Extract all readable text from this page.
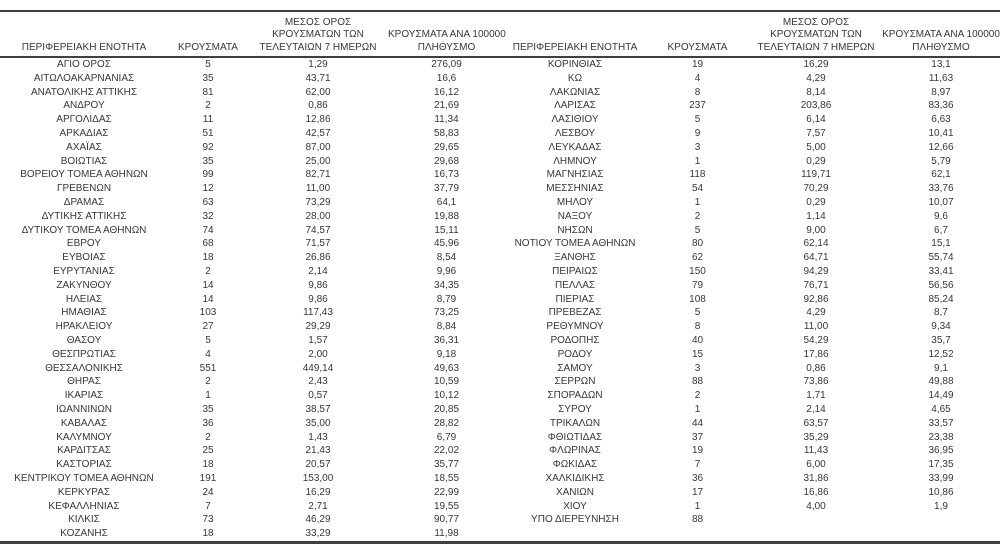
ΠΕΡΙΦΕΡΕΙΑΚΗ ΕΝΟΤΗΤΑ	ΚΡΟΥΣΜΑΤΑ

ΜΕΣΟΣ ΟΡΟΣ
ΚΡΟΥΣΜΑΤΩΝ ΤΩΝ
ΤΕΛΕΥΤΑΙΩΝ 7 ΗΜΕΡΩΝ

ΚΡΟΥΣΜΑΤΑ ΑΝΑ 100000
ΠΛΗΘΥΣΜΟ

ΑΓΙΟ ΟΡΟΣ	5	1,29	276,09
ΑΙΤΩΛΟΑΚΑΡΝΑΝΙΑΣ	35	43,71	16,6
ΑΝΑΤΟΛΙΚΗΣ ΑΤΤΙΚΗΣ	81	62,00	16,12
ΑΝΔΡΟΥ	2	0,86	21,69
ΑΡΓΟΛΙΔΑΣ	11	12,86	11,34
ΑΡΚΑΔΙΑΣ	51	42,57	58,83
ΑΧΑΪΑΣ	92	87,00	29,65
ΒΟΙΩΤΙΑΣ	35	25,00	29,68
ΒΟΡΕΙΟΥ ΤΟΜΕΑ ΑΘΗΝΩΝ	99	82,71	16,73
ΓΡΕΒΕΝΩΝ	12	11,00	37,79
ΔΡΑΜΑΣ	63	73,29	64,1
ΔΥΤΙΚΗΣ ΑΤΤΙΚΗΣ	32	28,00	19,88
ΔΥΤΙΚΟΥ ΤΟΜΕΑ ΑΘΗΝΩΝ	74	74,57	15,11
ΕΒΡΟΥ	68	71,57	45,96
ΕΥΒΟΙΑΣ	18	26,86	8,54
ΕΥΡΥΤΑΝΙΑΣ	2	2,14	9,96
ΖΑΚΥΝΘΟΥ	14	9,86	34,35
ΗΛΕΙΑΣ	14	9,86	8,79
ΗΜΑΘΙΑΣ	103	117,43	73,25
ΗΡΑΚΛΕΙΟΥ	27	29,29	8,84
ΘΑΣΟΥ	5	1,57	36,31
ΘΕΣΠΡΩΤΙΑΣ	4	2,00	9,18
ΘΕΣΣΑΛΟΝΙΚΗΣ	551	449,14	49,63
ΘΗΡΑΣ	2	2,43	10,59
ΙΚΑΡΙΑΣ	1	0,57	10,12
ΙΩΑΝΝΙΝΩΝ	35	38,57	20,85
ΚΑΒΑΛΑΣ	36	35,00	28,82
ΚΑΛΥΜΝΟΥ	2	1,43	6,79
ΚΑΡΔΙΤΣΑΣ	25	21,43	22,02
ΚΑΣΤΟΡΙΑΣ	18	20,57	35,77
ΚΕΝΤΡΙΚΟΥ ΤΟΜΕΑ ΑΘΗΝΩΝ	191	153,00	18,55
ΚΕΡΚΥΡΑΣ	24	16,29	22,99
ΚΕΦΑΛΛΗΝΙΑΣ	7	2,71	19,55
ΚΙΛΚΙΣ	73	46,29	90,77
ΚΟΖΑΝΗΣ	18	33,29	11,98
ΠΕΡΙΦΕΡΕΙΑΚΗ ΕΝΟΤΗΤΑ	ΚΡΟΥΣΜΑΤΑ

ΜΕΣΟΣ ΟΡΟΣ
ΚΡΟΥΣΜΑΤΩΝ ΤΩΝ
ΤΕΛΕΥΤΑΙΩΝ 7 ΗΜΕΡΩΝ

ΚΡΟΥΣΜΑΤΑ ΑΝΑ 100000
ΠΛΗΘΥΣΜΟ

ΚΟΡΙΝΘΙΑΣ	19	16,29	13,1
ΚΩ	4	4,29	11,63
ΛΑΚΩΝΙΑΣ	8	8,14	8,97
ΛΑΡΙΣΑΣ	237	203,86	83,36
ΛΑΣΙΘΙΟΥ	5	6,14	6,63
ΛΕΣΒΟΥ	9	7,57	10,41
ΛΕΥΚΑΔΑΣ	3	5,00	12,66
ΛΗΜΝΟΥ	1	0,29	5,79
ΜΑΓΝΗΣΙΑΣ	118	119,71	62,1
ΜΕΣΣΗΝΙΑΣ	54	70,29	33,76
ΜΗΛΟΥ	1	0,29	10,07
ΝΑΞΟΥ	2	1,14	9,6
ΝΗΣΩΝ	5	9,00	6,7
ΝΟΤΙΟΥ ΤΟΜΕΑ ΑΘΗΝΩΝ	80	62,14	15,1
ΞΑΝΘΗΣ	62	64,71	55,74
ΠΕΙΡΑΙΩΣ	150	94,29	33,41
ΠΕΛΛΑΣ	79	76,71	56,56
ΠΙΕΡΙΑΣ	108	92,86	85,24
ΠΡΕΒΕΖΑΣ	5	4,29	8,7
ΡΕΘΥΜΝΟΥ	8	11,00	9,34
ΡΟΔΟΠΗΣ	40	54,29	35,7
ΡΟΔΟΥ	15	17,86	12,52
ΣΑΜΟΥ	3	0,86	9,1
ΣΕΡΡΩΝ	88	73,86	49,88
ΣΠΟΡΑΔΩΝ	2	1,71	14,49
ΣΥΡΟΥ	1	2,14	4,65
ΤΡΙΚΑΛΩΝ	44	63,57	33,57
ΦΘΙΩΤΙΔΑΣ	37	35,29	23,38
ΦΛΩΡΙΝΑΣ	19	11,43	36,95
ΦΩΚΙΔΑΣ	7	6,00	17,35
ΧΑΛΚΙΔΙΚΗΣ	36	31,86	33,99
ΧΑΝΙΩΝ	17	16,86	10,86
ΧΙΟΥ	1	4,00	1,9
ΥΠΟ ΔΙΕΡΕΥΝΗΣΗ	88		
